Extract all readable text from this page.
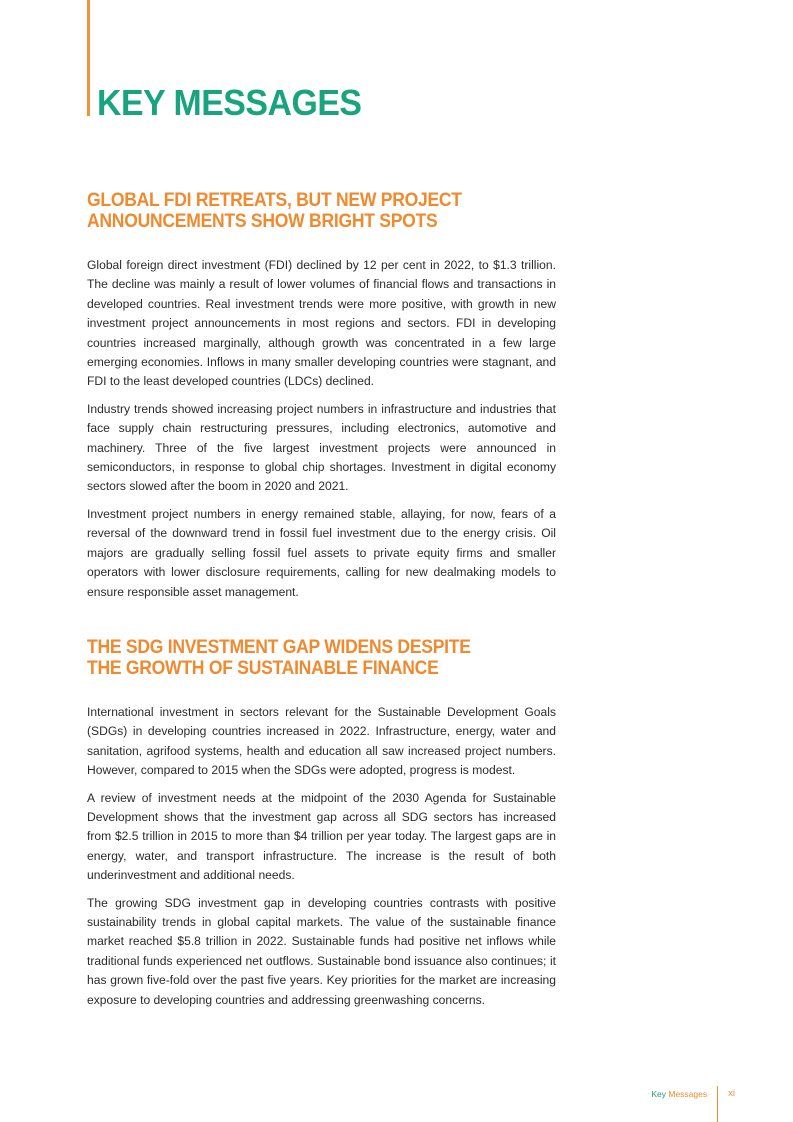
KEY MESSAGES
GLOBAL FDI RETREATS, BUT NEW PROJECT
ANNOUNCEMENTS SHOW BRIGHT SPOTS

Global foreign direct investment (FDI) declined by 12 per cent in 2022, to $1.3 trillion. The decline was mainly a result of lower volumes of financial flows and transactions in developed countries. Real investment trends were more positive, with growth in new investment project announcements in most regions and sectors. FDI in developing countries increased marginally, although growth was concentrated in a few large emerging economies. Inflows in many smaller developing countries were stagnant, and FDI to the least developed countries (LDCs) declined.

Industry trends showed increasing project numbers in infrastructure and industries that face supply chain restructuring pressures, including electronics, automotive and machinery. Three of the five largest investment projects were announced in semiconductors, in response to global chip shortages. Investment in digital economy sectors slowed after the boom in 2020 and 2021.

Investment project numbers in energy remained stable, allaying, for now, fears of a reversal of the downward trend in fossil fuel investment due to the energy crisis. Oil majors are gradually selling fossil fuel assets to private equity firms and smaller operators with lower disclosure requirements, calling for new dealmaking models to ensure responsible asset management.

THE SDG INVESTMENT GAP WIDENS DESPITE
THE GROWTH OF SUSTAINABLE FINANCE

International investment in sectors relevant for the Sustainable Development Goals (SDGs) in developing countries increased in 2022. Infrastructure, energy, water and sanitation, agrifood systems, health and education all saw increased project numbers. However, compared to 2015 when the SDGs were adopted, progress is modest.

A review of investment needs at the midpoint of the 2030 Agenda for Sustainable Development shows that the investment gap across all SDG sectors has increased from $2.5 trillion in 2015 to more than $4 trillion per year today. The largest gaps are in energy, water, and transport infrastructure. The increase is the result of both underinvestment and additional needs.

The growing SDG investment gap in developing countries contrasts with positive sustainability trends in global capital markets. The value of the sustainable finance market reached $5.8 trillion in 2022. Sustainable funds had positive net inflows while traditional funds experienced net outflows. Sustainable bond issuance also continues; it has grown five-fold over the past five years. Key priorities for the market are increasing exposure to developing countries and addressing greenwashing concerns.

Key Messages xi
